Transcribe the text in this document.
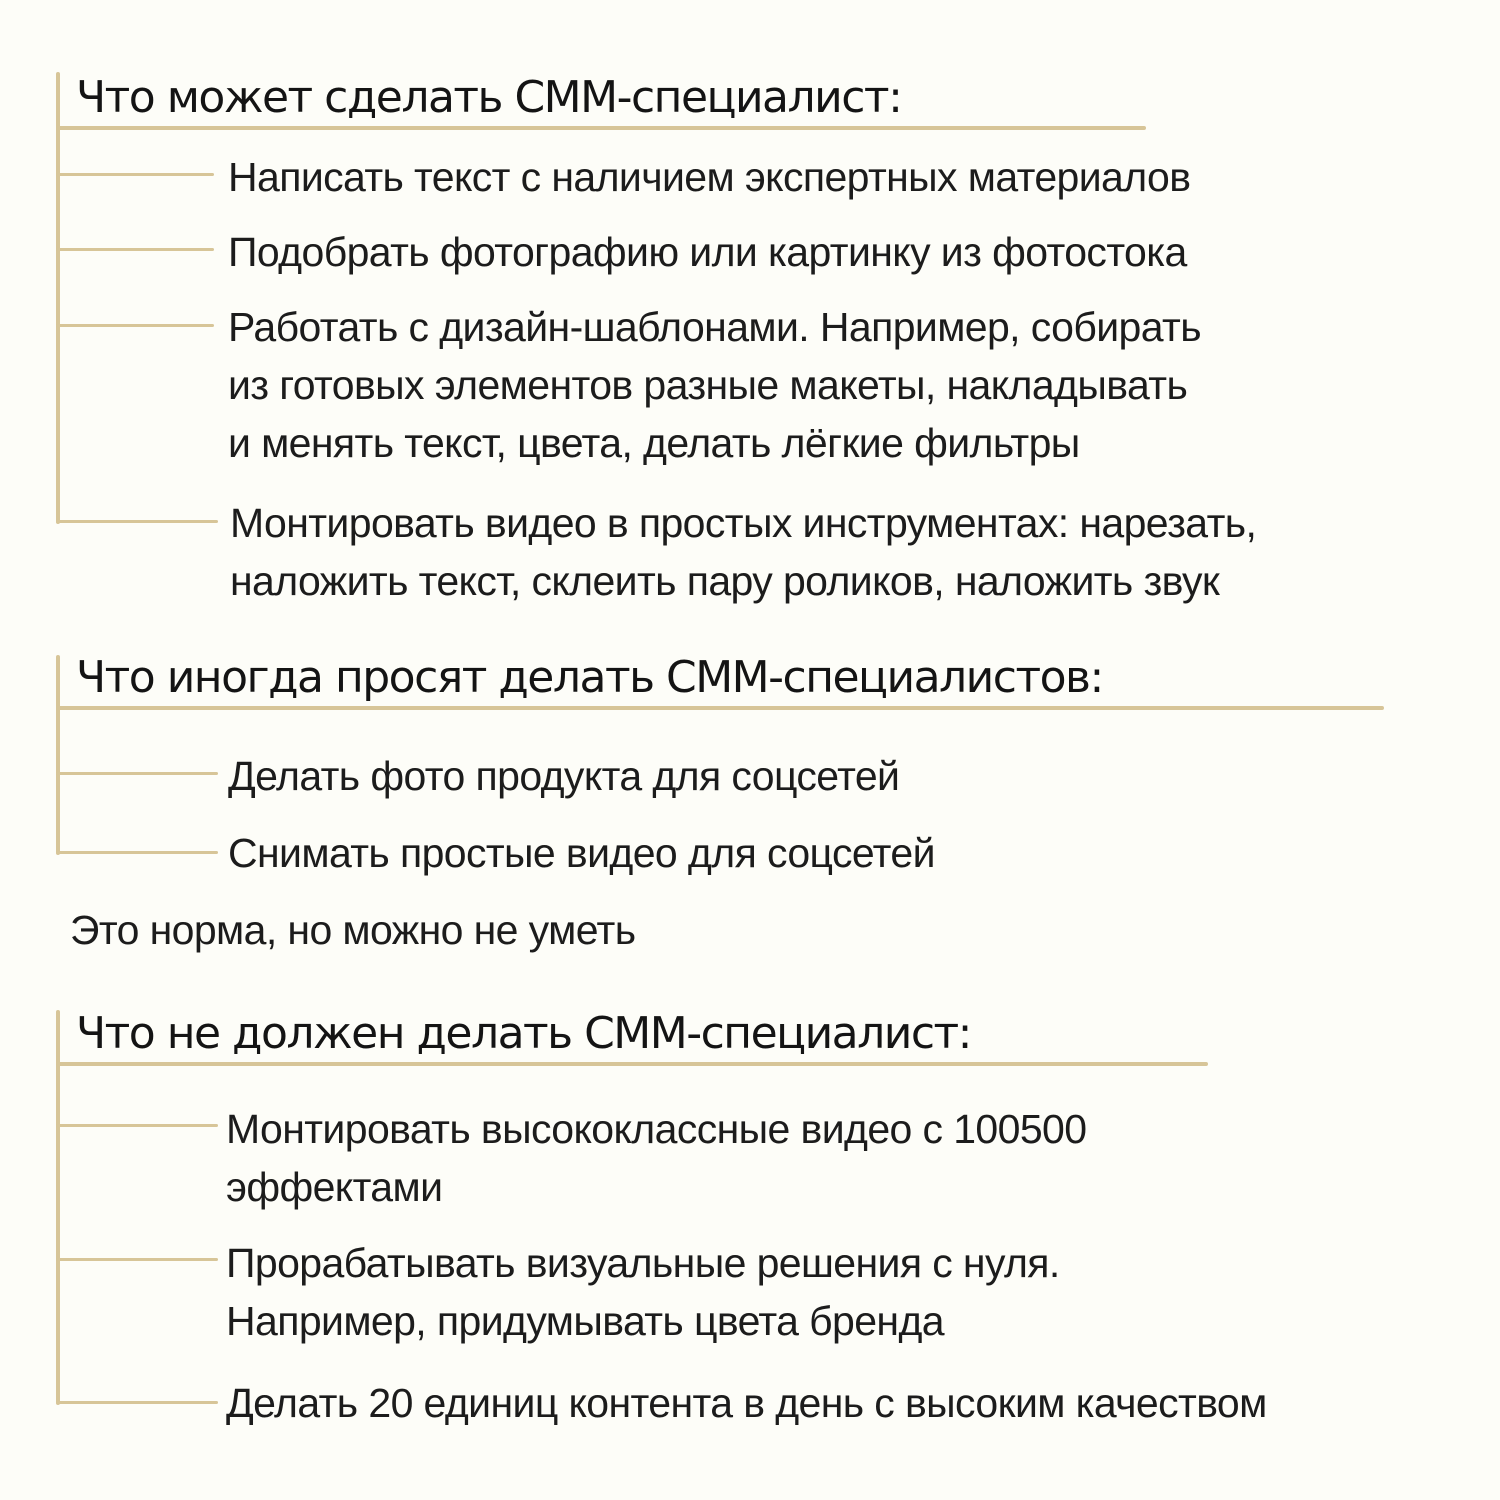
Что может сделать СММ-специалист:

Написать текст с наличием экспертных материалов

Подобрать фотографию или картинку из фотостока

Работать с дизайн-шаблонами. Например, собирать
из готовых элементов разные макеты, накладывать
и менять текст, цвета, делать лёгкие фильтры

Монтировать видео в простых инструментах: нарезать,
наложить текст, склеить пару роликов, наложить звук

Что иногда просят делать СММ-специалистов:

Делать фото продукта для соцсетей

Снимать простые видео для соцсетей

Это норма, но можно не уметь

Что не должен делать СММ-специалист:

Монтировать высококлассные видео с 100500
эффектами

Прорабатывать визуальные решения с нуля.
Например, придумывать цвета бренда

Делать 20 единиц контента в день с высоким качеством
